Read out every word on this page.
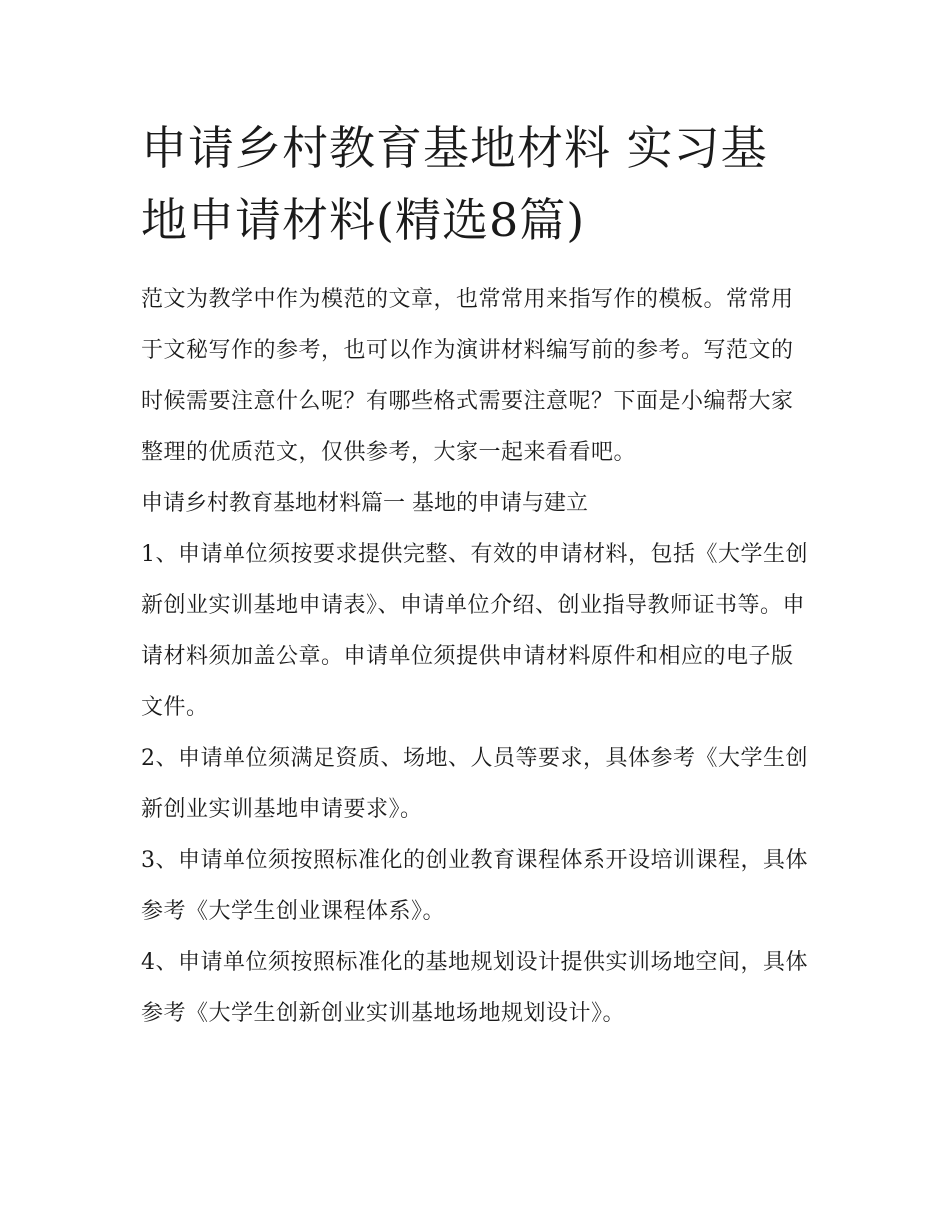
申请乡村教育基地材料 实习基地申请材料(精选8篇)

范文为教学中作为模范的文章，也常常用来指写作的模板。常常用于文秘写作的参考，也可以作为演讲材料编写前的参考。写范文的时候需要注意什么呢？有哪些格式需要注意呢？下面是小编帮大家整理的优质范文，仅供参考，大家一起来看看吧。

申请乡村教育基地材料篇一 基地的申请与建立

1、申请单位须按要求提供完整、有效的申请材料，包括《大学生创新创业实训基地申请表》、申请单位介绍、创业指导教师证书等。申请材料须加盖公章。申请单位须提供申请材料原件和相应的电子版文件。

2、申请单位须满足资质、场地、人员等要求，具体参考《大学生创新创业实训基地申请要求》。

3、申请单位须按照标准化的创业教育课程体系开设培训课程，具体参考《大学生创业课程体系》。

4、申请单位须按照标准化的基地规划设计提供实训场地空间，具体参考《大学生创新创业实训基地场地规划设计》。
